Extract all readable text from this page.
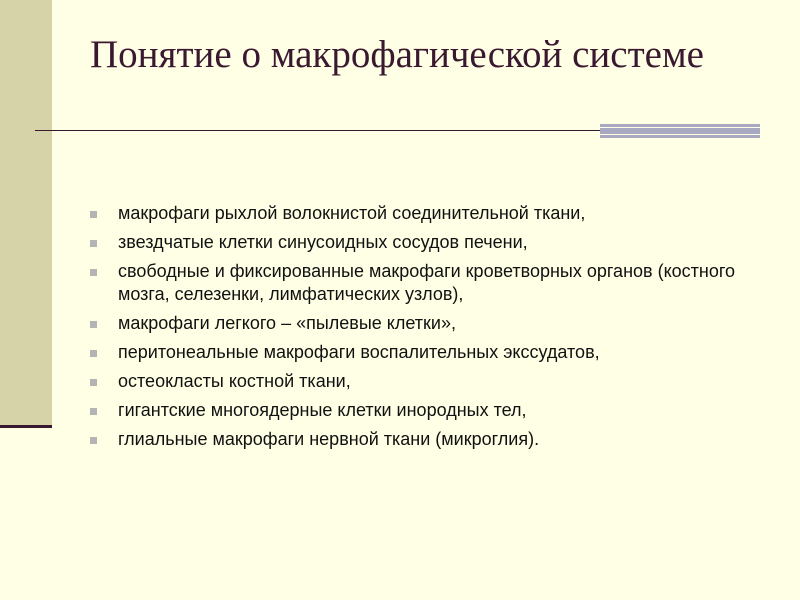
Понятие о макрофагической системе
макрофаги рыхлой волокнистой соединительной ткани,
звездчатые клетки синусоидных сосудов печени,
свободные и фиксированные макрофаги кроветворных органов (костного мозга, селезенки, лимфатических узлов),
макрофаги легкого – «пылевые клетки»,
перитонеальные макрофаги воспалительных экссудатов,
остеокласты костной ткани,
гигантские многоядерные клетки инородных тел,
глиальные макрофаги нервной ткани (микроглия).
